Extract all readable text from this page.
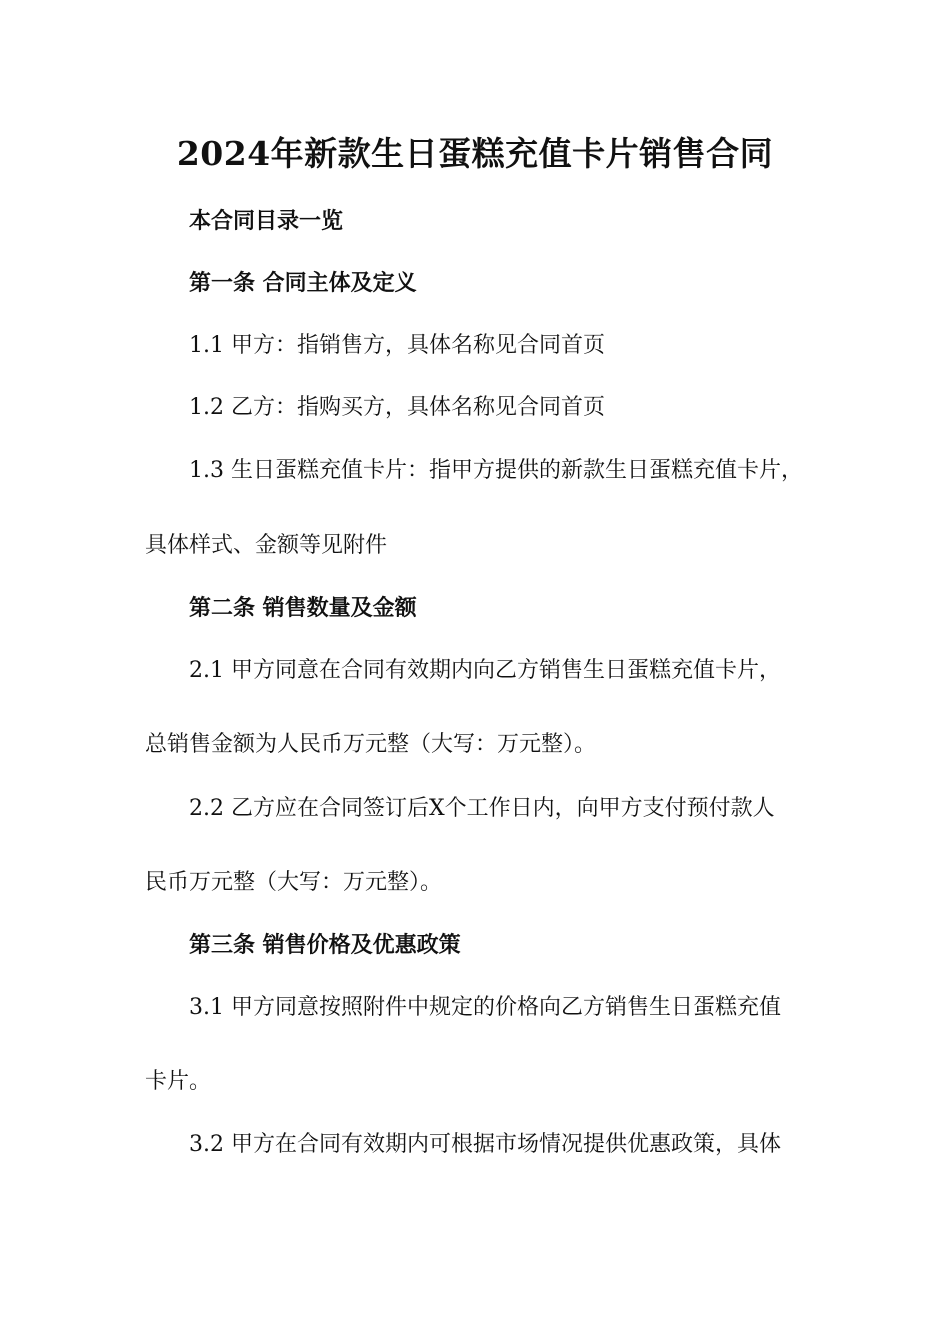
2024年新款生日蛋糕充值卡片销售合同
本合同目录一览
第一条 合同主体及定义
1.1 甲方：指销售方，具体名称见合同首页
1.2 乙方：指购买方，具体名称见合同首页
1.3 生日蛋糕充值卡片：指甲方提供的新款生日蛋糕充值卡片，
具体样式、金额等见附件
第二条 销售数量及金额
2.1 甲方同意在合同有效期内向乙方销售生日蛋糕充值卡片，
总销售金额为人民币万元整（大写：万元整）。
2.2 乙方应在合同签订后X个工作日内，向甲方支付预付款人
民币万元整（大写：万元整）。
第三条 销售价格及优惠政策
3.1 甲方同意按照附件中规定的价格向乙方销售生日蛋糕充值
卡片。
3.2 甲方在合同有效期内可根据市场情况提供优惠政策，具体
